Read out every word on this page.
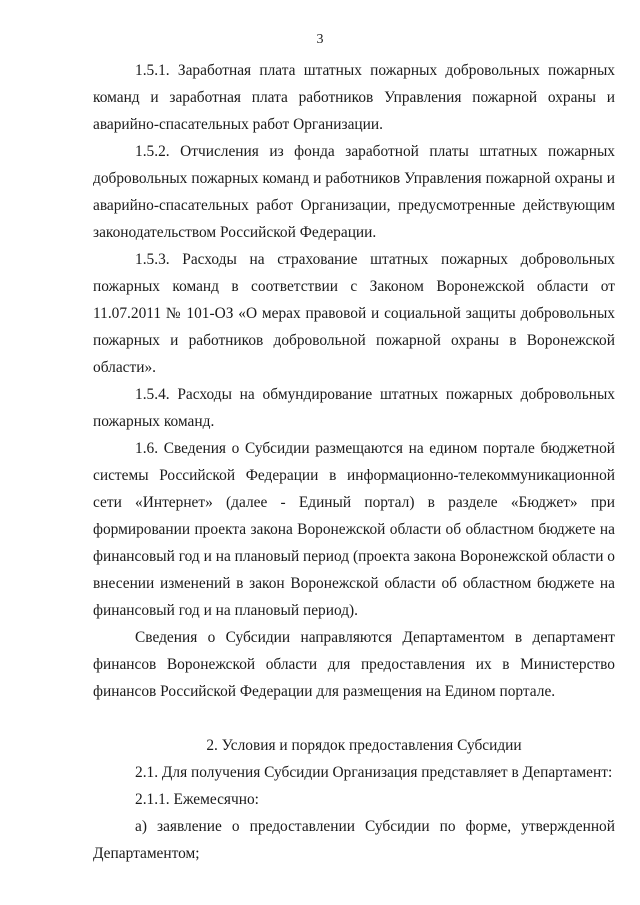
3

1.5.1. Заработная плата штатных пожарных добровольных пожарных команд и заработная плата работников Управления пожарной охраны и аварийно-спасательных работ Организации.

1.5.2. Отчисления из фонда заработной платы штатных пожарных добровольных пожарных команд и работников Управления пожарной охраны и аварийно-спасательных работ Организации, предусмотренные действующим законодательством Российской Федерации.

1.5.3. Расходы на страхование штатных пожарных добровольных пожарных команд в соответствии с Законом Воронежской области от 11.07.2011 № 101-ОЗ «О мерах правовой и социальной защиты добровольных пожарных и работников добровольной пожарной охраны в Воронежской области».

1.5.4. Расходы на обмундирование штатных пожарных добровольных пожарных команд.

1.6. Сведения о Субсидии размещаются на едином портале бюджетной системы Российской Федерации в информационно-телекоммуникационной сети «Интернет» (далее - Единый портал) в разделе «Бюджет» при формировании проекта закона Воронежской области об областном бюджете на финансовый год и на плановый период (проекта закона Воронежской области о внесении изменений в закон Воронежской области об областном бюджете на финансовый год и на плановый период).

Сведения о Субсидии направляются Департаментом в департамент финансов Воронежской области для предоставления их в Министерство финансов Российской Федерации для размещения на Едином портале.

2. Условия и порядок предоставления Субсидии

2.1. Для получения Субсидии Организация представляет в Департамент:

2.1.1. Ежемесячно:

а) заявление о предоставлении Субсидии по форме, утвержденной Департаментом;
